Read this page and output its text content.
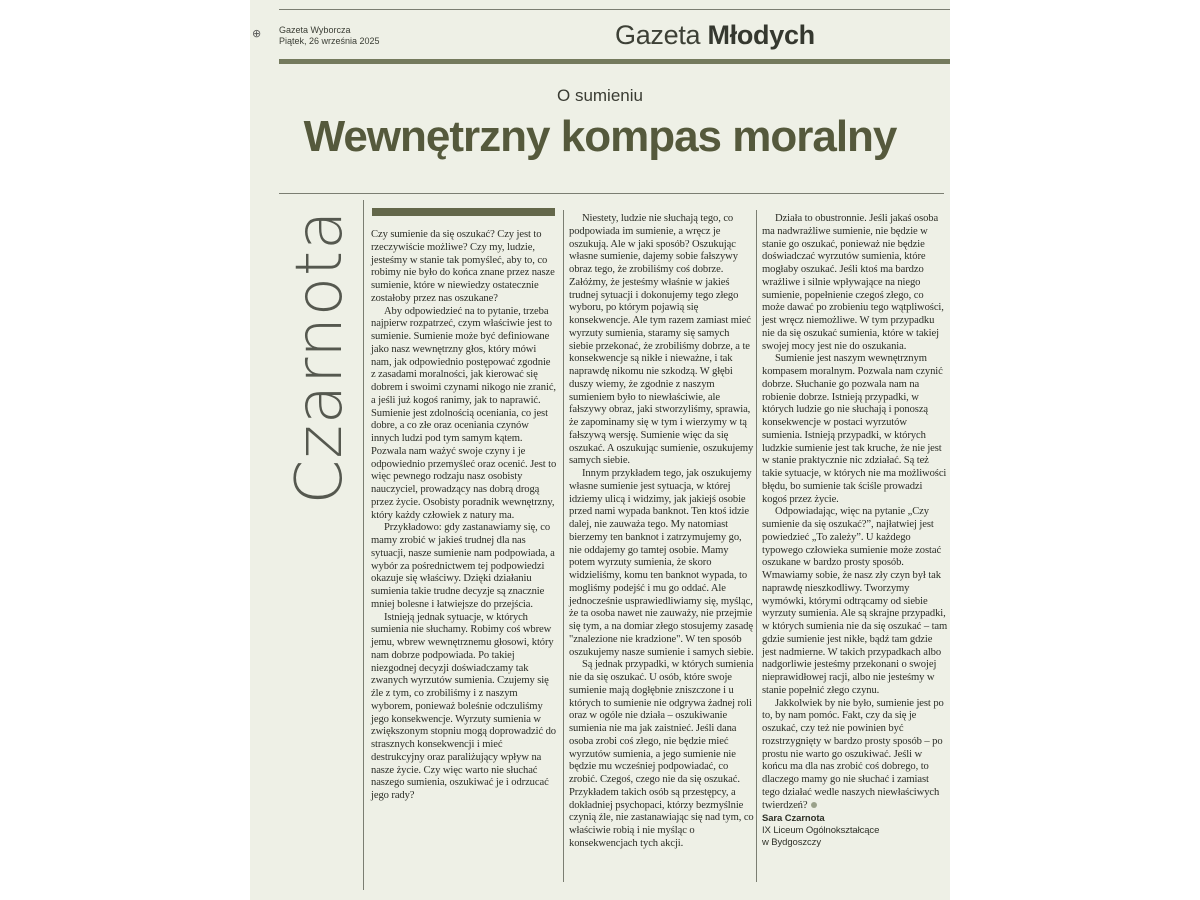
⊕ Gazeta Wyborcza
Piątek, 26 września 2025	Gazeta Młodych
O sumieniu
Wewnętrzny kompas moralny
Czarnota Czy sumienie da się oszukać? Czy jest to rzeczywiście możliwe? Czy my, ludzie, jesteśmy w stanie tak pomyśleć, aby to, co robimy nie było do końca znane przez nasze sumienie, które w niewiedzy ostatecznie zostałoby przez nas oszukane?

Aby odpowiedzieć na to pytanie, trzeba najpierw rozpatrzeć, czym właściwie jest to sumienie. Sumienie może być definiowane jako nasz wewnętrzny głos, który mówi nam, jak odpowiednio postępować zgodnie z zasadami moralności, jak kierować się dobrem i swoimi czynami nikogo nie zranić, a jeśli już kogoś ranimy, jak to naprawić. Sumienie jest zdolnością oceniania, co jest dobre, a co złe oraz oceniania czynów innych ludzi pod tym samym kątem. Pozwala nam ważyć swoje czyny i je odpowiednio przemyśleć oraz ocenić. Jest to więc pewnego rodzaju nasz osobisty nauczyciel, prowadzący nas dobrą drogą przez życie. Osobisty poradnik wewnętrzny, który każdy człowiek z natury ma.

Przykładowo: gdy zastanawiamy się, co mamy zrobić w jakieś trudnej dla nas sytuacji, nasze sumienie nam podpowiada, a wybór za pośrednictwem tej podpowiedzi okazuje się właściwy. Dzięki działaniu sumienia takie trudne decyzje są znacznie mniej bolesne i łatwiejsze do przejścia.

Istnieją jednak sytuacje, w których sumienia nie słuchamy. Robimy coś wbrew jemu, wbrew wewnętrznemu głosowi, który nam dobrze podpowiada. Po takiej niezgodnej decyzji doświadczamy tak zwanych wyrzutów sumienia. Czujemy się źle z tym, co zrobiliśmy i z naszym wyborem, ponieważ boleśnie odczuliśmy jego konsekwencje. Wyrzuty sumienia w zwiększonym stopniu mogą doprowadzić do strasznych konsekwencji i mieć destrukcyjny oraz paraliżujący wpływ na nasze życie. Czy więc warto nie słuchać naszego sumienia, oszukiwać je i odrzucać jego rady?

Niestety, ludzie nie słuchają tego, co podpowiada im sumienie, a wręcz je oszukują. Ale w jaki sposób? Oszukując własne sumienie, dajemy sobie fałszywy obraz tego, że zrobiliśmy coś dobrze. Załóżmy, że jesteśmy właśnie w jakieś trudnej sytuacji i dokonujemy tego złego wyboru, po którym pojawią się konsekwencje. Ale tym razem zamiast mieć wyrzuty sumienia, staramy się samych siebie przekonać, że zrobiliśmy dobrze, a te konsekwencje są nikłe i nieważne, i tak naprawdę nikomu nie szkodzą. W głębi duszy wiemy, że zgodnie z naszym sumieniem było to niewłaściwie, ale fałszywy obraz, jaki stworzyliśmy, sprawia, że zapominamy się w tym i wierzymy w tą fałszywą wersję. Sumienie więc da się oszukać. A oszukując sumienie, oszukujemy samych siebie.

Innym przykładem tego, jak oszukujemy własne sumienie jest sytuacja, w której idziemy ulicą i widzimy, jak jakiejś osobie przed nami wypada banknot. Ten ktoś idzie dalej, nie zauważa tego. My natomiast bierzemy ten banknot i zatrzymujemy go, nie oddajemy go tamtej osobie. Mamy potem wyrzuty sumienia, że skoro widzieliśmy, komu ten banknot wypada, to mogliśmy podejść i mu go oddać. Ale jednocześnie usprawiedliwiamy się, myśląc, że ta osoba nawet nie zauważy, nie przejmie się tym, a na domiar złego stosujemy zasadę "znalezione nie kradzione". W ten sposób oszukujemy nasze sumienie i samych siebie.

Są jednak przypadki, w których sumienia nie da się oszukać. U osób, które swoje sumienie mają dogłębnie zniszczone i u których to sumienie nie odgrywa żadnej roli oraz w ogóle nie działa – oszukiwanie sumienia nie ma jak zaistnieć. Jeśli dana osoba zrobi coś złego, nie będzie mieć wyrzutów sumienia, a jego sumienie nie będzie mu wcześniej podpowiadać, co zrobić. Czegoś, czego nie da się oszukać. Przykładem takich osób są przestępcy, a dokładniej psychopaci, którzy bezmyślnie czynią źle, nie zastanawiając się nad tym, co właściwie robią i nie myśląc o konsekwencjach tych akcji.

Działa to obustronnie. Jeśli jakaś osoba ma nadwrażliwe sumienie, nie będzie w stanie go oszukać, ponieważ nie będzie doświadczać wyrzutów sumienia, które mogłaby oszukać. Jeśli ktoś ma bardzo wrażliwe i silnie wpływające na niego sumienie, popełnienie czegoś złego, co może dawać po zrobieniu tego wątpliwości, jest wręcz niemożliwe. W tym przypadku nie da się oszukać sumienia, które w takiej swojej mocy jest nie do oszukania.

Sumienie jest naszym wewnętrznym kompasem moralnym. Pozwala nam czynić dobrze. Słuchanie go pozwala nam na robienie dobrze. Istnieją przypadki, w których ludzie go nie słuchają i ponoszą konsekwencje w postaci wyrzutów sumienia. Istnieją przypadki, w których ludzkie sumienie jest tak kruche, że nie jest w stanie praktycznie nic zdziałać. Są też takie sytuacje, w których nie ma możliwości błędu, bo sumienie tak ściśle prowadzi kogoś przez życie.

Odpowiadając, więc na pytanie „Czy sumienie da się oszukać?”, najłatwiej jest powiedzieć „To zależy”. U każdego typowego człowieka sumienie może zostać oszukane w bardzo prosty sposób. Wmawiamy sobie, że nasz zły czyn był tak naprawdę nieszkodliwy. Tworzymy wymówki, którymi odtrącamy od siebie wyrzuty sumienia. Ale są skrajne przypadki, w których sumienia nie da się oszukać – tam gdzie sumienie jest nikłe, bądź tam gdzie jest nadmierne. W takich przypadkach albo nadgorliwie jesteśmy przekonani o swojej nieprawidłowej racji, albo nie jesteśmy w stanie popełnić złego czynu.

Jakkolwiek by nie było, sumienie jest po to, by nam pomóc. Fakt, czy da się je oszukać, czy też nie powinien być rozstrzygnięty w bardzo prosty sposób – po prostu nie warto go oszukiwać. Jeśli w końcu ma dla nas zrobić coś dobrego, to dlaczego mamy go nie słuchać i zamiast tego działać wedle naszych niewłaściwych twierdzeń?

Sara Czarnota
IX Liceum Ogólnokształcące
w Bydgoszczy
